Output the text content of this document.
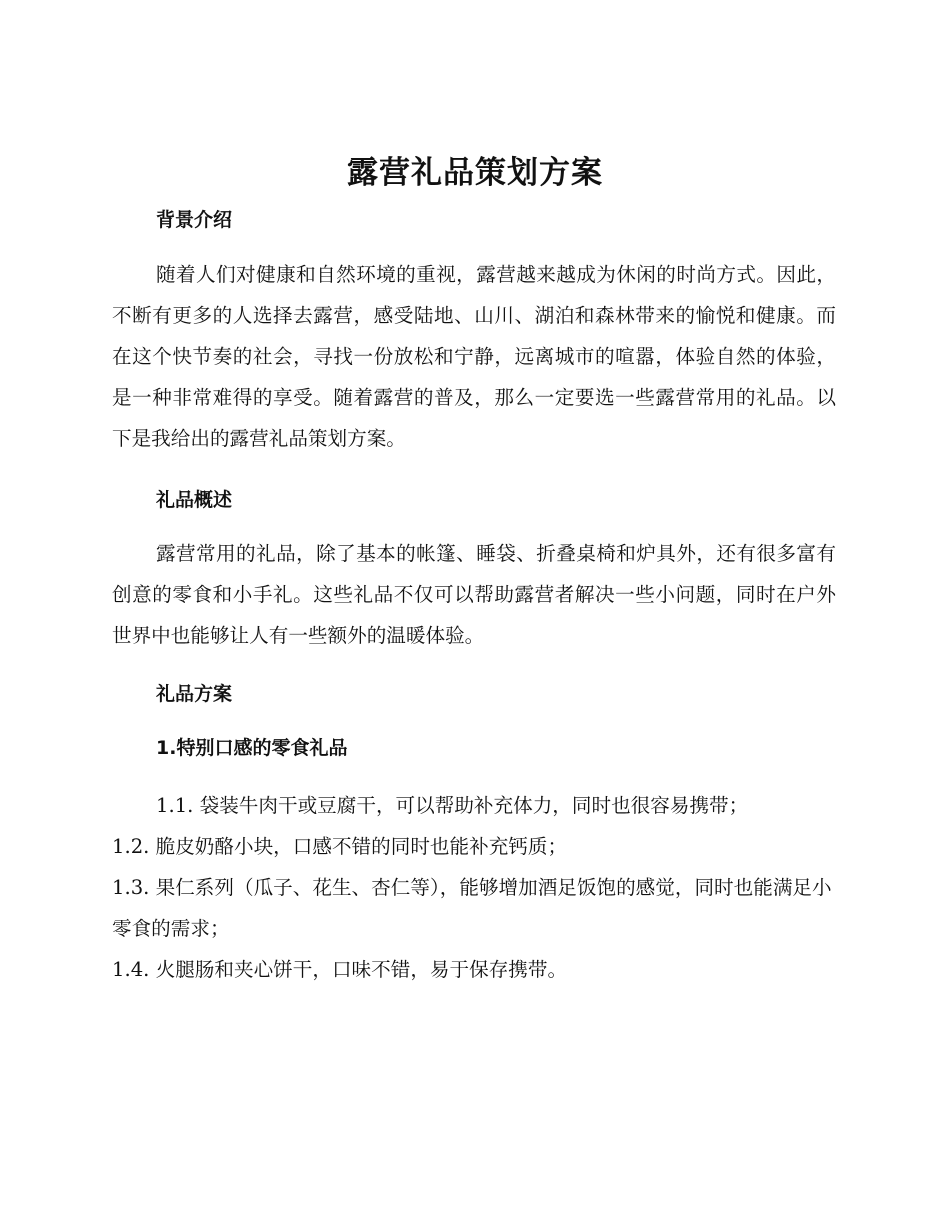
露营礼品策划方案
背景介绍

随着人们对健康和自然环境的重视，露营越来越成为休闲的时尚方式。因此，不断有更多的人选择去露营，感受陆地、山川、湖泊和森林带来的愉悦和健康。而在这个快节奏的社会，寻找一份放松和宁静，远离城市的喧嚣，体验自然的体验，是一种非常难得的享受。随着露营的普及，那么一定要选一些露营常用的礼品。以下是我给出的露营礼品策划方案。

礼品概述

露营常用的礼品，除了基本的帐篷、睡袋、折叠桌椅和炉具外，还有很多富有创意的零食和小手礼。这些礼品不仅可以帮助露营者解决一些小问题，同时在户外世界中也能够让人有一些额外的温暖体验。

礼品方案
1.特别口感的零食礼品
1.1. 袋装牛肉干或豆腐干，可以帮助补充体力，同时也很容易携带；
1.2. 脆皮奶酪小块，口感不错的同时也能补充钙质；
1.3. 果仁系列（瓜子、花生、杏仁等），能够增加酒足饭饱的感觉，同时也能满足小零食的需求；
1.4. 火腿肠和夹心饼干，口味不错，易于保存携带。
